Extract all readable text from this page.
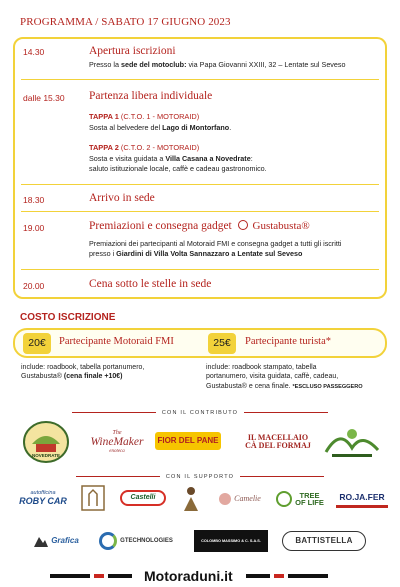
PROGRAMMA / SABATO 17 GIUGNO 2023
14.30	Apertura iscrizioni
Presso la sede del motoclub: via Papa Giovanni XXIII, 32 – Lentate sul Seveso
dalle 15.30 Partenza libera individuale
TAPPA 1 (C.T.O. 1 - MOTORAID)
Sosta al belvedere del Lago di Montorfano.
TAPPA 2 (C.T.O. 2 - MOTORAID)
Sosta e visita guidata a Villa Casana a Novedrate:
saluto istituzionale locale, caffè e cadeau gastronomico.
18.30	Arrivo in sede
19.00	Premiazioni e consegna gadget Gustabusta®
Premiazioni dei partecipanti al Motoraid FMI e consegna gadget a tutti gli iscritti
presso i Giardini di Villa Volta Sannazzaro a Lentate sul Seveso
20.00	Cena sotto le stelle in sede
COSTO ISCRIZIONE
20€	Partecipante Motoraid FMI	25€	Partecipante turista*
include: roadbook, tabella portanumero,
Gustabusta® (cena finale +10€)
include: roadbook stampato, tabella
portanumero, visita guidata, caffè, cadeau,
Gustabusta® e cena finale. *ESCLUSO PASSEGGERO
CON IL CONTRIBUTO
NOVEDRATE
The
WineMaker
enoteca
FIOR DEL PANE	IL MACELLAIO
CÀ DEL FORMAJ
CON IL SUPPORTO
autofficina
ROBY CAR	Castelli	Camelie	TREE
OF LIFE
RO.JA.FER
Grafica	GTECHNOLOGIES	COLOMBO MASSIMO & C. S.A.S.	BATTISTELLA
Motoraduni.it
